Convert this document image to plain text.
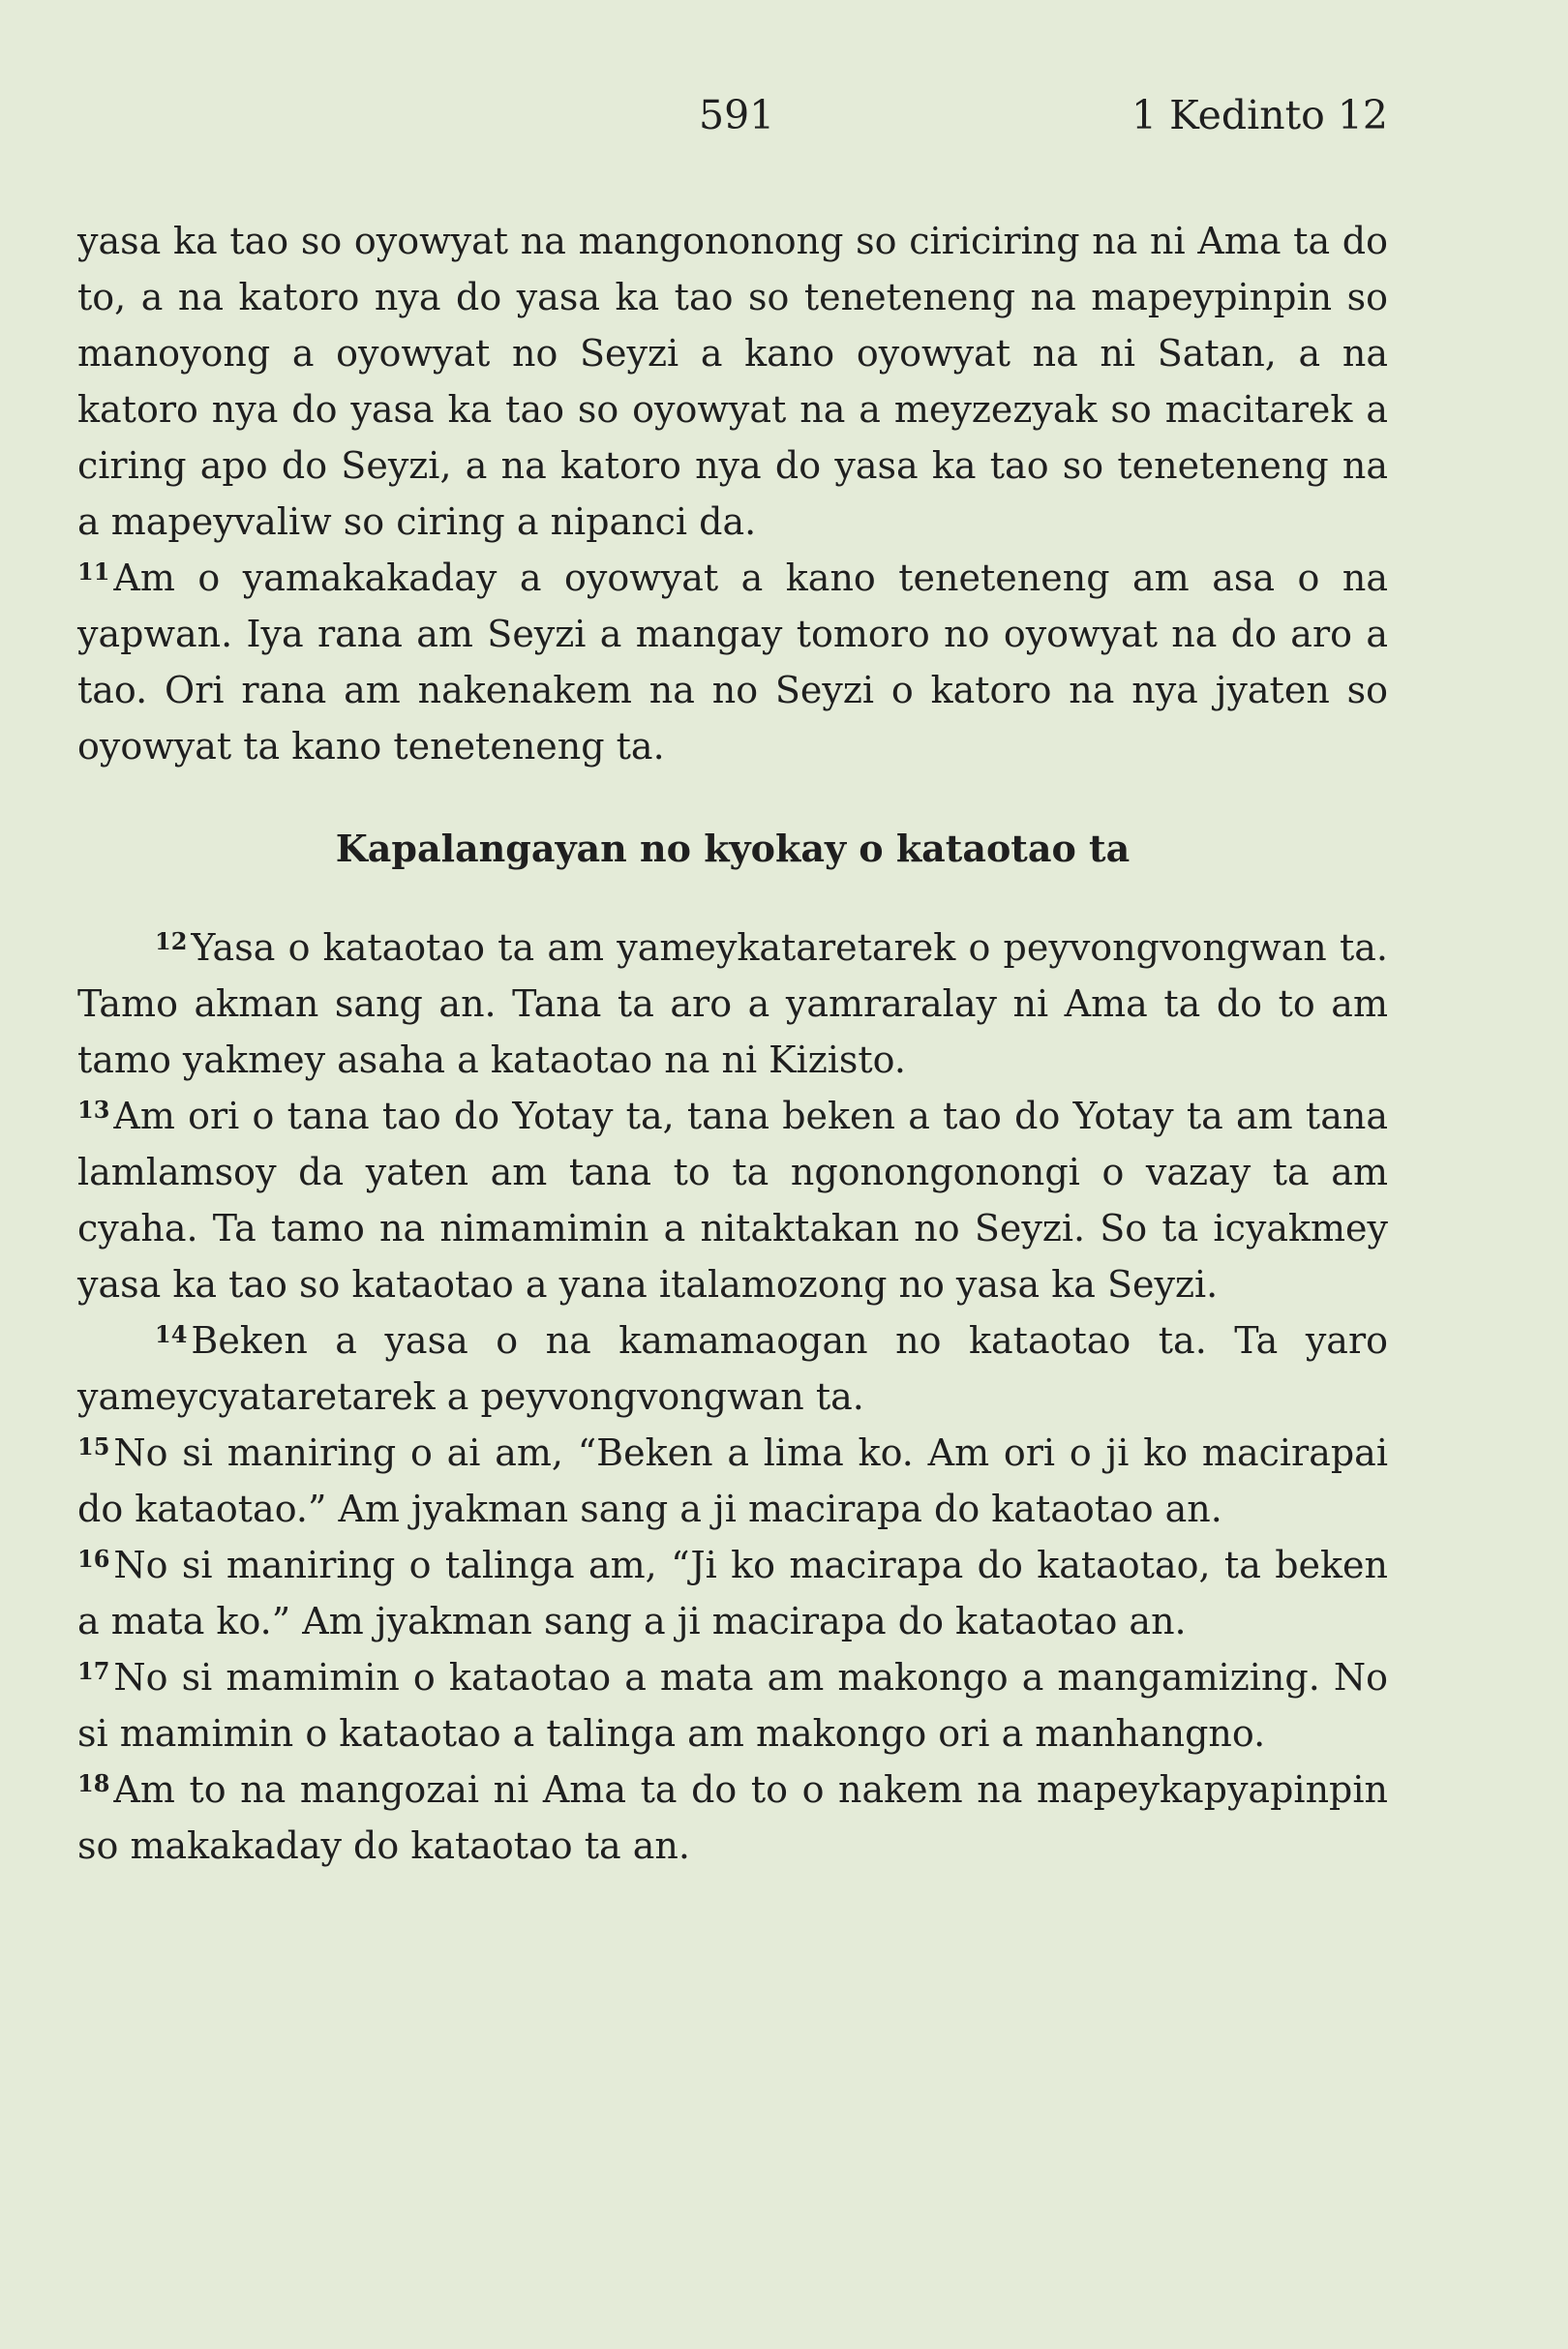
591	1 Kedinto 12

yasa ka tao so oyowyat na mangononong so ciriciring na ni Ama ta do to, a na katoro nya do yasa ka tao so teneteneng na mapeypinpin so manoyong a oyowyat no Seyzi a kano oyowyat na ni Satan, a na katoro nya do yasa ka tao so oyowyat na a meyzezyak so macitarek a ciring apo do Seyzi, a na katoro nya do yasa ka tao so teneteneng na a mapeyvaliw so ciring a nipanci da.

$^{11}$ Am o yamakakaday a oyowyat a kano teneteneng am asa o na yapwan. Iya rana am Seyzi a mangay tomoro no oyowyat na do aro a tao. Ori rana am nakenakem na no Seyzi o katoro na nya jyaten so oyowyat ta kano teneteneng ta.

Kapalangayan no kyokay o kataotao ta

$^{12}$ Yasa o kataotao ta am yameykataretarek o peyvongvongwan ta. Tamo akman sang an. Tana ta aro a yamraralay ni Ama ta do to am tamo yakmey asaha a kataotao na ni Kizisto.

$^{13}$ Am ori o tana tao do Yotay ta, tana beken a tao do Yotay ta am tana lamlamsoy da yaten am tana to ta ngonongonongi o vazay ta am cyaha. Ta tamo na nimamimin a nitaktakan no Seyzi. So ta icyakmey yasa ka tao so kataotao a yana italamozong no yasa ka Seyzi.

$^{14}$ Beken a yasa o na kamamaogan no kataotao ta. Ta yaro yameycyataretarek a peyvongvongwan ta.

$^{15}$ No si maniring o ai am, “Beken a lima ko. Am ori o ji ko macirapai do kataotao.” Am jyakman sang a ji macirapa do kataotao an.

$^{16}$ No si maniring o talinga am, “Ji ko macirapa do kataotao, ta beken a mata ko.” Am jyakman sang a ji macirapa do kataotao an.

$^{17}$ No si mamimin o kataotao a mata am makongo a mangamizing. No si mamimin o kataotao a talinga am makongo ori a manhangno.

$^{18}$ Am to na mangozai ni Ama ta do to o nakem na mapeykapyapinpin so makakaday do kataotao ta an.
